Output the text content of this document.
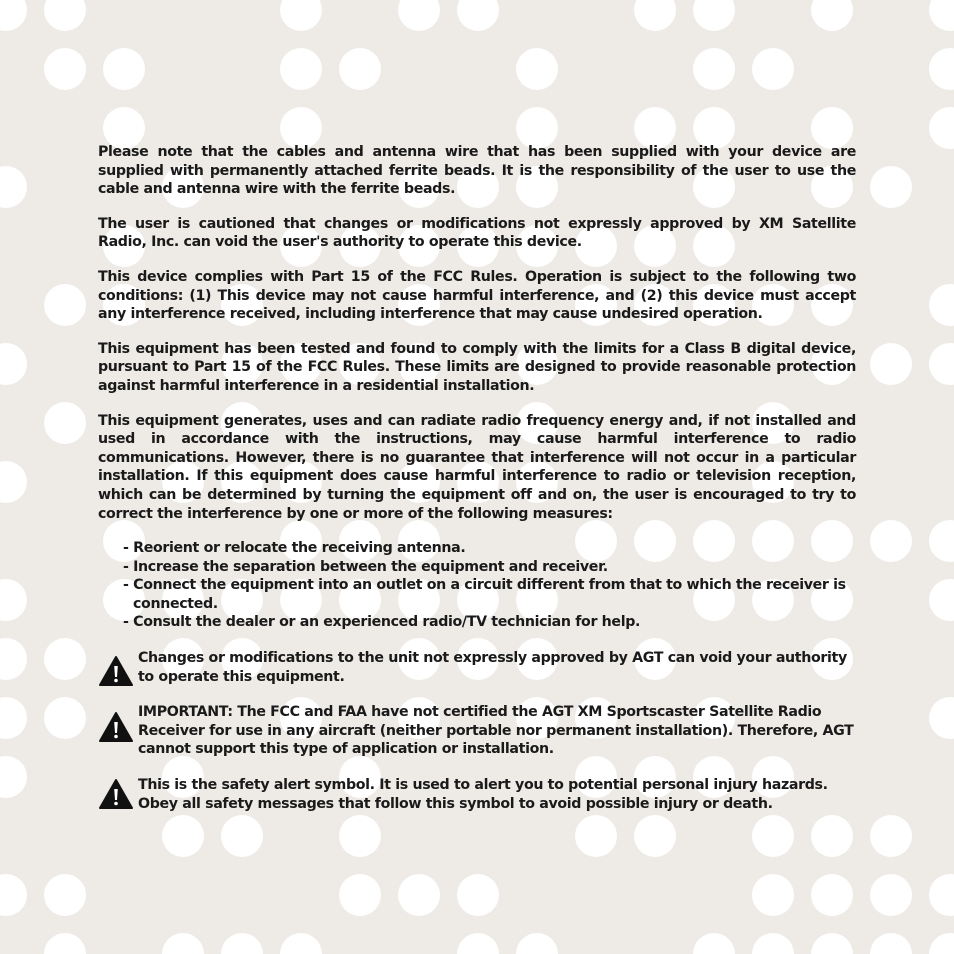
Please note that the cables and antenna wire that has been supplied with your device are supplied with permanently attached ferrite beads. It is the responsibility of the user to use the cable and antenna wire with the ferrite beads.

The user is cautioned that changes or modifications not expressly approved by XM Satellite Radio, Inc. can void the user's authority to operate this device.

This device complies with Part 15 of the FCC Rules. Operation is subject to the following two conditions: (1) This device may not cause harmful interference, and (2) this device must accept any interference received, including interference that may cause undesired operation.

This equipment has been tested and found to comply with the limits for a Class B digital device, pursuant to Part 15 of the FCC Rules. These limits are designed to provide reasonable protection against harmful interference in a residential installation.

This equipment generates, uses and can radiate radio frequency energy and, if not installed and used in accordance with the instructions, may cause harmful interference to radio communications. However, there is no guarantee that interference will not occur in a particular installation. If this equipment does cause harmful interference to radio or television reception, which can be determined by turning the equipment off and on, the user is encouraged to try to correct the interference by one or more of the following measures:

- Reorient or relocate the receiving antenna.
- Increase the separation between the equipment and receiver.
- Connect the equipment into an outlet on a circuit different from that to which the receiver is connected.
- Consult the dealer or an experienced radio/TV technician for help.
Changes or modifications to the unit not expressly approved by AGT can void your authority to operate this equipment.
IMPORTANT: The FCC and FAA have not certified the AGT XM Sportscaster Satellite Radio Receiver for use in any aircraft (neither portable nor permanent installation). Therefore, AGT cannot support this type of application or installation.
This is the safety alert symbol. It is used to alert you to potential personal injury hazards. Obey all safety messages that follow this symbol to avoid possible injury or death.
